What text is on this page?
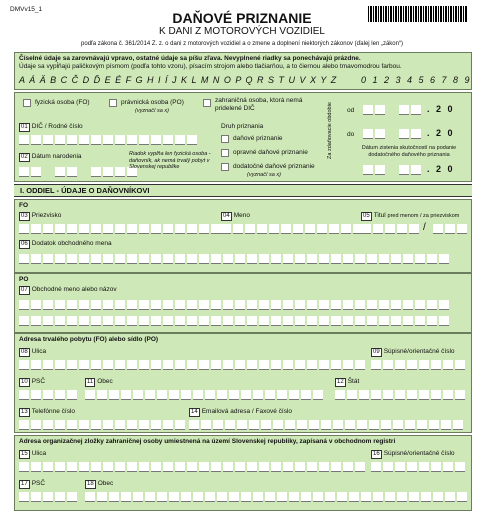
DMVv15_1
DAŇOVÉ PRIZNANIE
K DANI Z MOTOROVÝCH VOZIDIEL
podľa zákona č. 361/2014 Z. z. o dani z motorových vozidiel a o zmene a doplnení niektorých zákonov (ďalej len „zákon“)
Číselné údaje sa zarovnávajú vpravo, ostatné údaje sa píšu zľava. Nevyplnené riadky sa ponechávajú prázdne.
Údaje sa vypĺňajú paličkovým písmom (podľa tohto vzoru), písacím strojom alebo tlačiarňou, a to čiernou alebo tmavomodrou farbou.
A Á Ä B C Č D Ď E É F G H I Í J K L M N O P Q R S T U V X Y Z	0 1 2 3 4 5 6 7 8 9
fyzická osoba (FO)	právnická osoba (PO)
(vyznačí sa x)
zahraničná osoba, ktorá nemá pridelené DIČ
01 DIČ / Rodné číslo
02 Dátum narodenia	Riadok vyplňa len fyzická osoba - daňovník, ak nemá trvalý pobyt v Slovenskej republike
Druh priznania
daňové priznanie
opravné daňové priznanie
dodatočné daňové priznanie
(vyznačí sa x)
Za zdaňovacie obdobie od	. 2 0
do	. 2 0
Dátum zistenia skutočností na podanie dodatočného daňového priznania
. 2 0
I. ODDIEL - ÚDAJE O DAŇOVNÍKOVI
FO
03 Priezvisko	04 Meno	05 Titul pred menom / za priezviskom
/
06 Dodatok obchodného mena
PO
07 Obchodné meno alebo názov
Adresa trvalého pobytu (FO) alebo sídlo (PO)
08 Ulica	09 Súpisné/orientačné číslo
10 PSČ	11 Obec	12 Štát
13 Telefónne číslo	14 Emailová adresa / Faxové číslo
Adresa organizačnej zložky zahraničnej osoby umiestnená na území Slovenskej republiky, zapísaná v obchodnom registri
15 Ulica	16 Súpisné/orientačné číslo
17 PSČ	18 Obec
